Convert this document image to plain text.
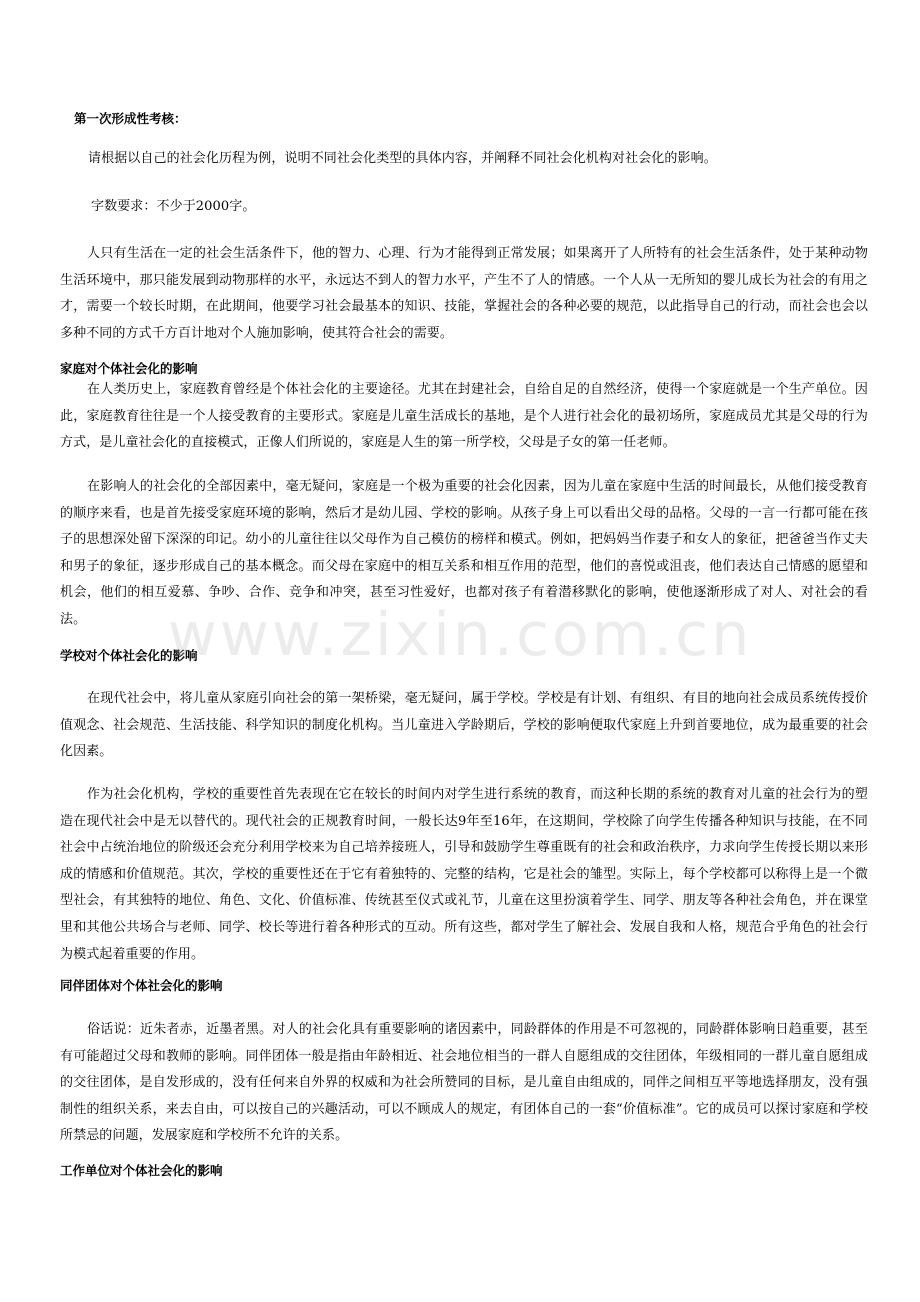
第一次形成性考核：
请根据以自己的社会化历程为例，说明不同社会化类型的具体内容，并阐释不同社会化机构对社会化的影响。
字数要求：不少于2000字。
人只有生活在一定的社会生活条件下，他的智力、心理、行为才能得到正常发展；如果离开了人所特有的社会生活条件，处于某种动物生活环境中，那只能发展到动物那样的水平，永远达不到人的智力水平，产生不了人的情感。一个人从一无所知的婴儿成长为社会的有用之才，需要一个较长时期，在此期间，他要学习社会最基本的知识、技能，掌握社会的各种必要的规范，以此指导自己的行动，而社会也会以多种不同的方式千方百计地对个人施加影响，使其符合社会的需要。
家庭对个体社会化的影响
在人类历史上，家庭教育曾经是个体社会化的主要途径。尤其在封建社会，自给自足的自然经济，使得一个家庭就是一个生产单位。因此，家庭教育往往是一个人接受教育的主要形式。家庭是儿童生活成长的基地，是个人进行社会化的最初场所，家庭成员尤其是父母的行为方式，是儿童社会化的直接模式，正像人们所说的，家庭是人生的第一所学校，父母是子女的第一任老师。
在影响人的社会化的全部因素中，毫无疑问，家庭是一个极为重要的社会化因素，因为儿童在家庭中生活的时间最长，从他们接受教育的顺序来看，也是首先接受家庭环境的影响，然后才是幼儿园、学校的影响。从孩子身上可以看出父母的品格。父母的一言一行都可能在孩子的思想深处留下深深的印记。幼小的儿童往往以父母作为自己模仿的榜样和模式。例如，把妈妈当作妻子和女人的象征，把爸爸当作丈夫和男子的象征，逐步形成自己的基本概念。而父母在家庭中的相互关系和相互作用的范型，他们的喜悦或沮丧，他们表达自己情感的愿望和机会，他们的相互爱慕、争吵、合作、竞争和冲突，甚至习性爱好，也都对孩子有着潜移默化的影响，使他逐渐形成了对人、对社会的看法。
学校对个体社会化的影响
在现代社会中，将儿童从家庭引向社会的第一架桥梁，毫无疑问，属于学校。学校是有计划、有组织、有目的地向社会成员系统传授价值观念、社会规范、生活技能、科学知识的制度化机构。当儿童进入学龄期后，学校的影响便取代家庭上升到首要地位，成为最重要的社会化因素。
作为社会化机构，学校的重要性首先表现在它在较长的时间内对学生进行系统的教育，而这种长期的系统的教育对儿童的社会行为的塑造在现代社会中是无以替代的。现代社会的正规教育时间，一般长达9年至16年，在这期间，学校除了向学生传播各种知识与技能，在不同社会中占统治地位的阶级还会充分利用学校来为自己培养接班人，引导和鼓励学生尊重既有的社会和政治秩序，力求向学生传授长期以来形成的情感和价值规范。其次，学校的重要性还在于它有着独特的、完整的结构，它是社会的雏型。实际上，每个学校都可以称得上是一个微型社会，有其独特的地位、角色、文化、价值标准、传统甚至仪式或礼节，儿童在这里扮演着学生、同学、朋友等各种社会角色，并在课堂里和其他公共场合与老师、同学、校长等进行着各种形式的互动。所有这些，都对学生了解社会、发展自我和人格，规范合乎角色的社会行为模式起着重要的作用。
同伴团体对个体社会化的影响
俗话说：近朱者赤，近墨者黑。对人的社会化具有重要影响的诸因素中，同龄群体的作用是不可忽视的，同龄群体影响日趋重要，甚至有可能超过父母和教师的影响。同伴团体一般是指由年龄相近、社会地位相当的一群人自愿组成的交往团体，年级相同的一群儿童自愿组成的交往团体，是自发形成的，没有任何来自外界的权威和为社会所赞同的目标，是儿童自由组成的，同伴之间相互平等地选择朋友，没有强制性的组织关系，来去自由，可以按自己的兴趣活动，可以不顾成人的规定，有团体自己的一套“价值标准”。它的成员可以探讨家庭和学校所禁忌的问题，发展家庭和学校所不允许的关系。
工作单位对个体社会化的影响
www.zixin.com.cn
